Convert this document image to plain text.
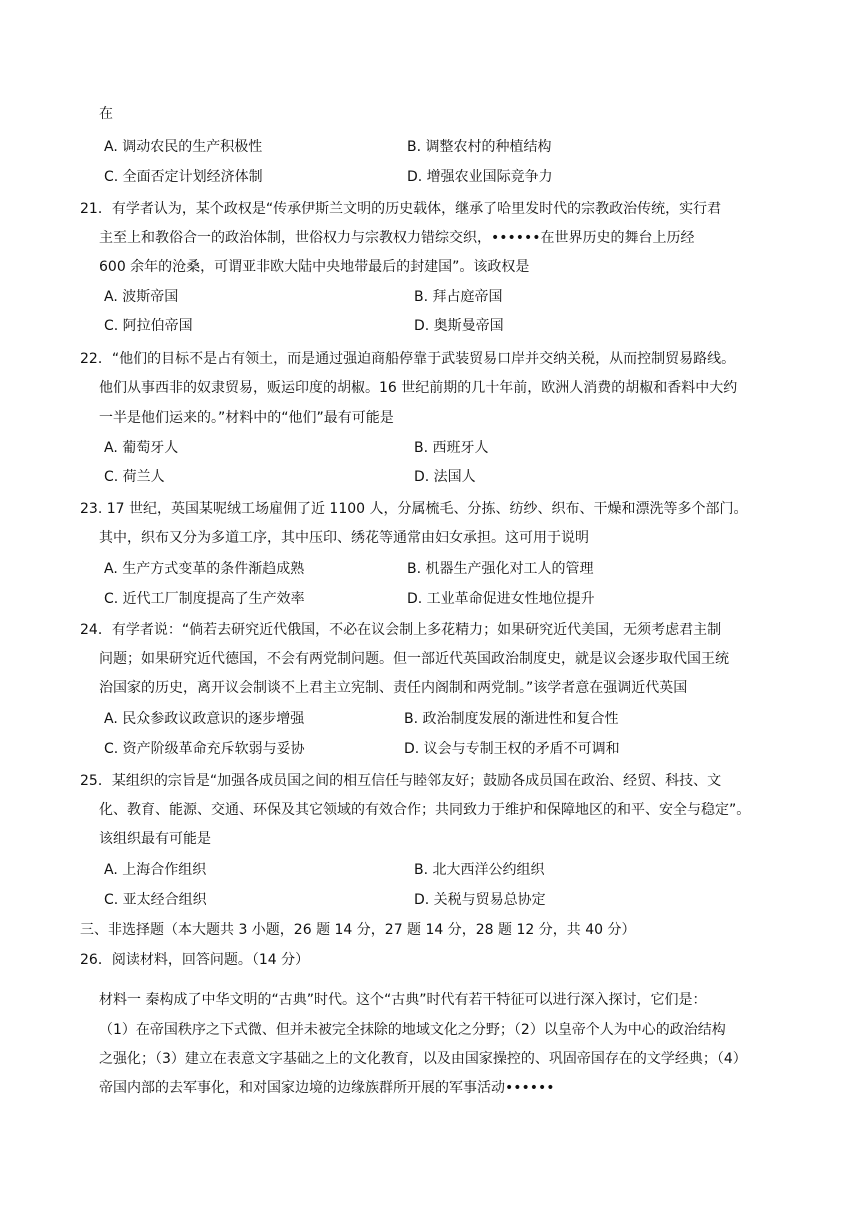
在
A. 调动农民的生产积极性	B. 调整农村的种植结构
C. 全面否定计划经济体制	D. 增强农业国际竞争力
21．有学者认为，某个政权是“传承伊斯兰文明的历史载体，继承了哈里发时代的宗教政治传统，实行君
主至上和教俗合一的政治体制，世俗权力与宗教权力错综交织，••••••在世界历史的舞台上历经
600 余年的沧桑，可谓亚非欧大陆中央地带最后的封建国”。该政权是
A. 波斯帝国	B. 拜占庭帝国
C. 阿拉伯帝国	D. 奥斯曼帝国
22．“他们的目标不是占有领土，而是通过强迫商船停靠于武装贸易口岸并交纳关税，从而控制贸易路线。
他们从事西非的奴隶贸易，贩运印度的胡椒。16 世纪前期的几十年前，欧洲人消费的胡椒和香料中大约
一半是他们运来的。”材料中的“他们”最有可能是
A. 葡萄牙人	B. 西班牙人
C. 荷兰人	D. 法国人
23. 17 世纪，英国某呢绒工场雇佣了近 1100 人，分属梳毛、分拣、纺纱、织布、干燥和漂洗等多个部门。
其中，织布又分为多道工序，其中压印、绣花等通常由妇女承担。这可用于说明
A. 生产方式变革的条件渐趋成熟	B. 机器生产强化对工人的管理
C. 近代工厂制度提高了生产效率	D. 工业革命促进女性地位提升
24．有学者说：“倘若去研究近代俄国，不必在议会制上多花精力；如果研究近代美国，无须考虑君主制
问题；如果研究近代德国，不会有两党制问题。但一部近代英国政治制度史，就是议会逐步取代国王统
治国家的历史，离开议会制谈不上君主立宪制、责任内阁制和两党制。”该学者意在强调近代英国
A. 民众参政议政意识的逐步增强	B. 政治制度发展的渐进性和复合性
C. 资产阶级革命充斥软弱与妥协	D. 议会与专制王权的矛盾不可调和
25．某组织的宗旨是“加强各成员国之间的相互信任与睦邻友好；鼓励各成员国在政治、经贸、科技、文
化、教育、能源、交通、环保及其它领域的有效合作；共同致力于维护和保障地区的和平、安全与稳定”。
该组织最有可能是
A. 上海合作组织	B. 北大西洋公约组织
C. 亚太经合组织	D. 关税与贸易总协定
三、非选择题（本大题共 3 小题，26 题 14 分，27 题 14 分，28 题 12 分，共 40 分）
26．阅读材料，回答问题。（14 分）
材料一 秦构成了中华文明的“古典”时代。这个“古典”时代有若干特征可以进行深入探讨，它们是：
（1）在帝国秩序之下式微、但并未被完全抹除的地域文化之分野；（2）以皇帝个人为中心的政治结构
之强化；（3）建立在表意文字基础之上的文化教育，以及由国家操控的、巩固帝国存在的文学经典；（4）
帝国内部的去军事化，和对国家边境的边缘族群所开展的军事活动••••••
